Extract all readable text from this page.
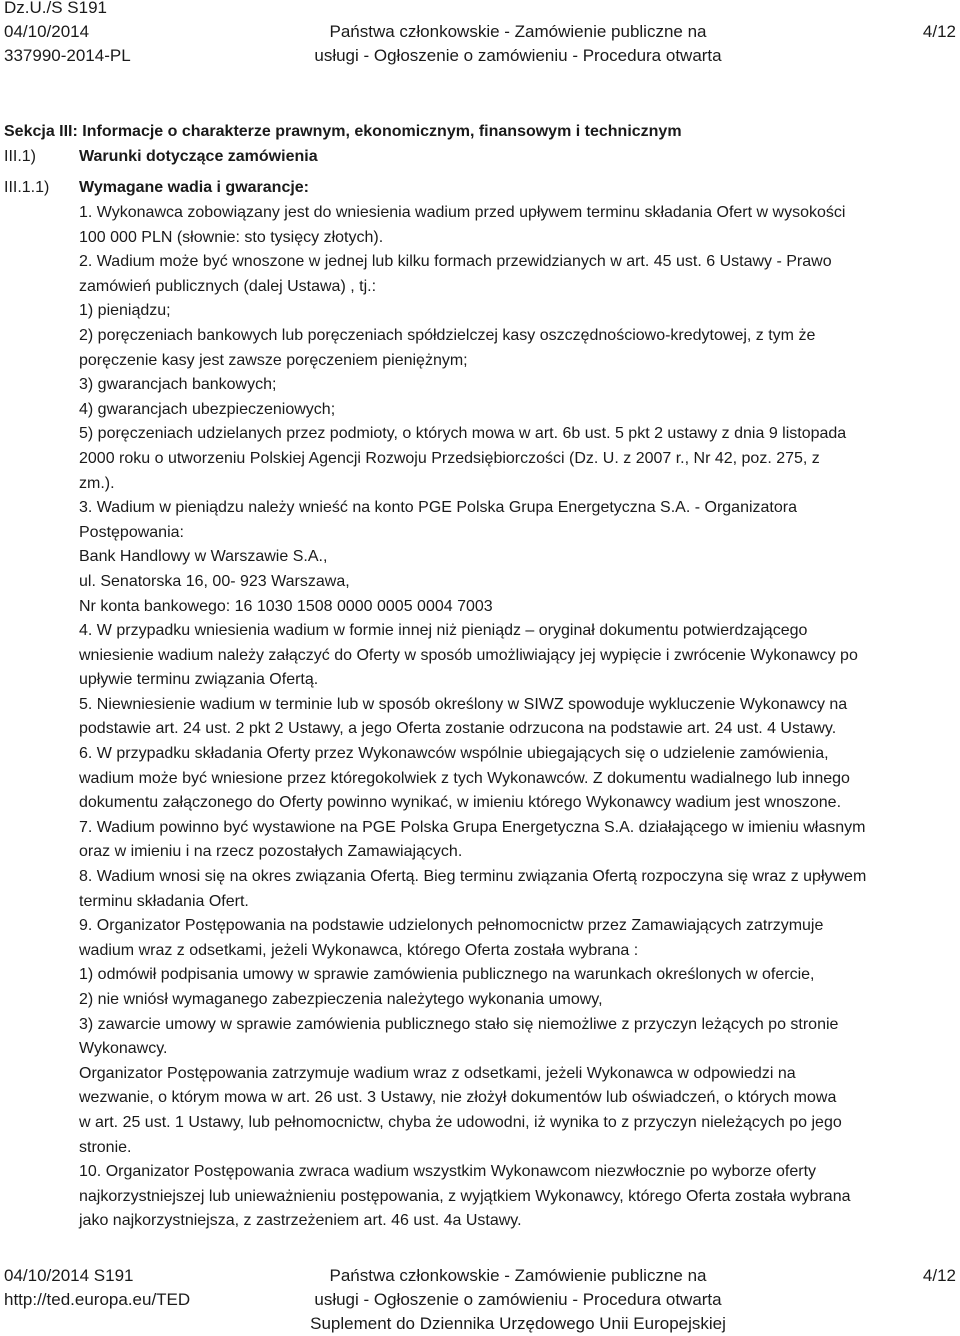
Dz.U./S S191
04/10/2014
337990-2014-PL
Państwa członkowskie - Zamówienie publiczne na
usługi - Ogłoszenie o zamówieniu - Procedura otwarta
4/12
Sekcja III: Informacje o charakterze prawnym, ekonomicznym, finansowym i technicznym
III.1)	Warunki dotyczące zamówienia
III.1.1) Wymagane wadia i gwarancje:
1. Wykonawca zobowiązany jest do wniesienia wadium przed upływem terminu składania Ofert w wysokości
100 000 PLN (słownie: sto tysięcy złotych).
2. Wadium może być wnoszone w jednej lub kilku formach przewidzianych w art. 45 ust. 6 Ustawy - Prawo
zamówień publicznych (dalej Ustawa) , tj.:
1) pieniądzu;
2) poręczeniach bankowych lub poręczeniach spółdzielczej kasy oszczędnościowo-kredytowej, z tym że
poręczenie kasy jest zawsze poręczeniem pieniężnym;
3) gwarancjach bankowych;
4) gwarancjach ubezpieczeniowych;
5) poręczeniach udzielanych przez podmioty, o których mowa w art. 6b ust. 5 pkt 2 ustawy z dnia 9 listopada
2000 roku o utworzeniu Polskiej Agencji Rozwoju Przedsiębiorczości (Dz. U. z 2007 r., Nr 42, poz. 275, z
zm.).
3. Wadium w pieniądzu należy wnieść na konto PGE Polska Grupa Energetyczna S.A. - Organizatora
Postępowania:
Bank Handlowy w Warszawie S.A.,
ul. Senatorska 16, 00- 923 Warszawa,
Nr konta bankowego: 16 1030 1508 0000 0005 0004 7003
4. W przypadku wniesienia wadium w formie innej niż pieniądz – oryginał dokumentu potwierdzającego
wniesienie wadium należy załączyć do Oferty w sposób umożliwiający jej wypięcie i zwrócenie Wykonawcy po
upływie terminu związania Ofertą.
5. Niewniesienie wadium w terminie lub w sposób określony w SIWZ spowoduje wykluczenie Wykonawcy na
podstawie art. 24 ust. 2 pkt 2 Ustawy, a jego Oferta zostanie odrzucona na podstawie art. 24 ust. 4 Ustawy.
6. W przypadku składania Oferty przez Wykonawców wspólnie ubiegających się o udzielenie zamówienia,
wadium może być wniesione przez któregokolwiek z tych Wykonawców. Z dokumentu wadialnego lub innego
dokumentu załączonego do Oferty powinno wynikać, w imieniu którego Wykonawcy wadium jest wnoszone.
7. Wadium powinno być wystawione na PGE Polska Grupa Energetyczna S.A. działającego w imieniu własnym
oraz w imieniu i na rzecz pozostałych Zamawiających.
8. Wadium wnosi się na okres związania Ofertą. Bieg terminu związania Ofertą rozpoczyna się wraz z upływem
terminu składania Ofert.
9. Organizator Postępowania na podstawie udzielonych pełnomocnictw przez Zamawiających zatrzymuje
wadium wraz z odsetkami, jeżeli Wykonawca, którego Oferta została wybrana :
1) odmówił podpisania umowy w sprawie zamówienia publicznego na warunkach określonych w ofercie,
2) nie wniósł wymaganego zabezpieczenia należytego wykonania umowy,
3) zawarcie umowy w sprawie zamówienia publicznego stało się niemożliwe z przyczyn leżących po stronie
Wykonawcy.
Organizator Postępowania zatrzymuje wadium wraz z odsetkami, jeżeli Wykonawca w odpowiedzi na
wezwanie, o którym mowa w art. 26 ust. 3 Ustawy, nie złożył dokumentów lub oświadczeń, o których mowa
w art. 25 ust. 1 Ustawy, lub pełnomocnictw, chyba że udowodni, iż wynika to z przyczyn nieleżących po jego
stronie.
10. Organizator Postępowania zwraca wadium wszystkim Wykonawcom niezwłocznie po wyborze oferty
najkorzystniejszej lub unieważnieniu postępowania, z wyjątkiem Wykonawcy, którego Oferta została wybrana
jako najkorzystniejsza, z zastrzeżeniem art. 46 ust. 4a Ustawy.
04/10/2014 S191
http://ted.europa.eu/TED
Państwa członkowskie - Zamówienie publiczne na
usługi - Ogłoszenie o zamówieniu - Procedura otwarta
Suplement do Dziennika Urzędowego Unii Europejskiej
4/12
